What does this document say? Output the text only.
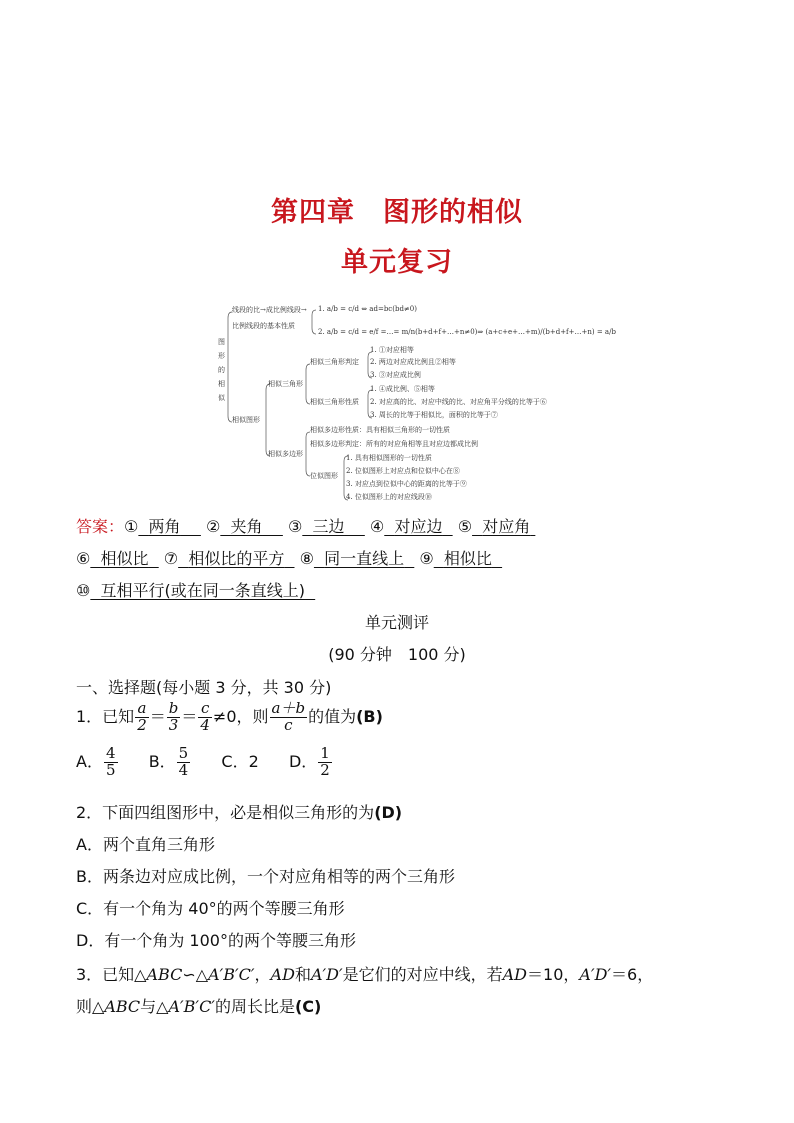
第四章　图形的相似
单元复习
图
形
的
相
似
线段的比→成比例线段→
比例线段的基本性质
1. a/b = c/d ⇔ ad=bc(bd≠0)
2. a/b = c/d = e/f =…= m/n(b+d+f+…+n≠0)⇒ (a+c+e+…+m)/(b+d+f+…+n) = a/b
相似图形
相似三角形
相似三角形判定
1. ①对应相等
2. 两边对应成比例且②相等
3. ③对应成比例
相似三角形性质
1. ④成比例、⑤相等
2. 对应高的比、对应中线的比、对应角平分线的比等于⑥
3. 周长的比等于相似比，面积的比等于⑦
相似多边形
相似多边形性质：具有相似三角形的一切性质
相似多边形判定：所有的对应角相等且对应边都成比例
位似图形
1. 具有相似图形的一切性质
2. 位似图形上对应点和位似中心在⑧
3. 对应点到位似中心的距离的比等于⑨
4. 位似图形上的对应线段⑩
答案：① 两角 ② 夹角 ③ 三边 ④ 对应边 ⑤ 对应角
⑥ 相似比 ⑦ 相似比的平方 ⑧ 同一直线上 ⑨ 相似比
⑩ 互相平行(或在同一条直线上)
单元测评
(90 分钟　100 分)
一、选择题(每小题 3 分，共 30 分)
1．已知 $\frac{a}{2} = \frac{b}{3} = \frac{c}{4} \ne 0$，则 $\frac{a+b}{c}$ 的值为(B)
A． $\frac{4}{5}$ B． $\frac{5}{4}$ C．2 D． $\frac{1}{2}$
2．下面四组图形中，必是相似三角形的为(D)
A．两个直角三角形
B．两条边对应成比例，一个对应角相等的两个三角形
C．有一个角为 40°的两个等腰三角形
D．有一个角为 100°的两个等腰三角形
3．已知△ABC∽△A′B′C′，AD和A′D′是它们的对应中线，若AD＝10，A′D′＝6，
则△ABC与△A′B′C′的周长比是(C)
